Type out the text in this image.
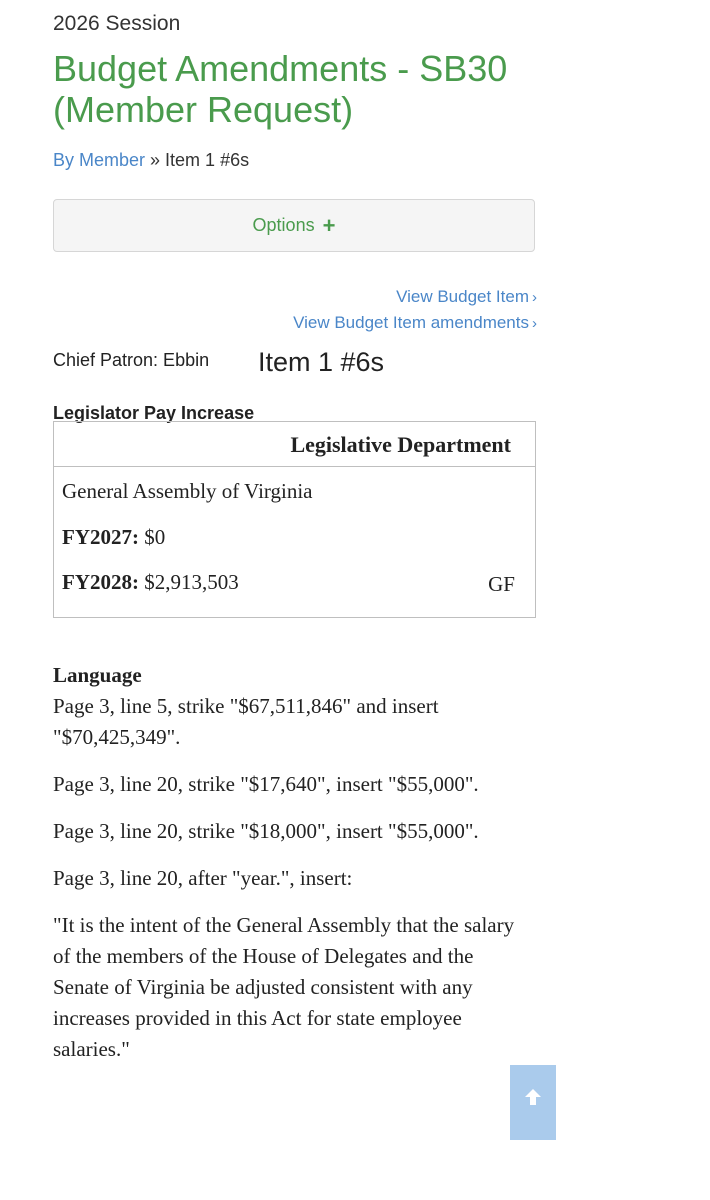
2026 Session
Budget Amendments - SB30 (Member Request)
By Member » Item 1 #6s
Options +
View Budget Item ›
View Budget Item amendments ›
Chief Patron: Ebbin Item 1 #6s
Legislator Pay Increase
Legislative Department
General Assembly of Virginia
FY2027: $0
FY2028: $2,913,503	GF
Language

Page 3, line 5, strike "$67,511,846" and insert "$70,425,349".

Page 3, line 20, strike "$17,640", insert "$55,000".

Page 3, line 20, strike "$18,000", insert "$55,000".

Page 3, line 20, after "year.", insert:

"It is the intent of the General Assembly that the salary of the members of the House of Delegates and the Senate of Virginia be adjusted consistent with any increases provided in this Act for state employee salaries."
